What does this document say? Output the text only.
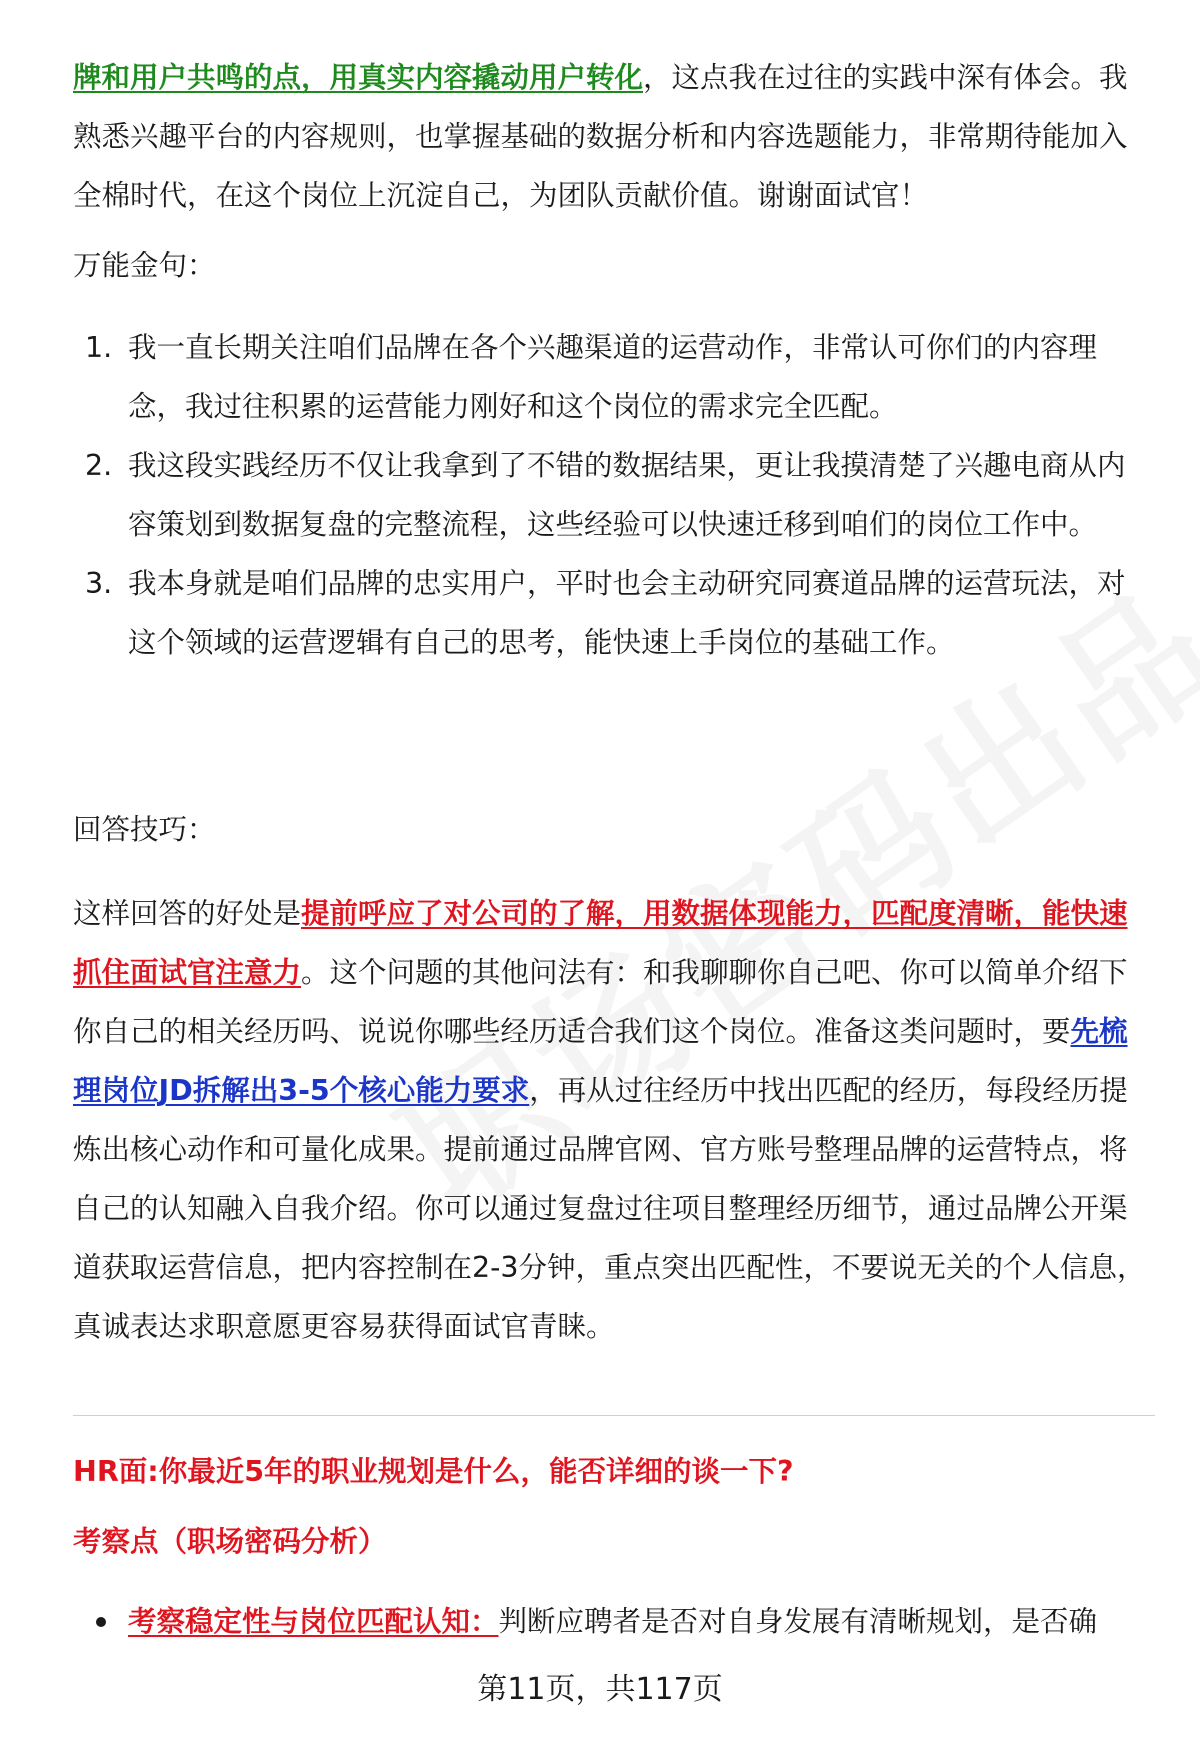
牌和用户共鸣的点，用真实内容撬动用户转化，这点我在过往的实践中深有体会。我熟悉兴趣平台的内容规则，也掌握基础的数据分析和内容选题能力，非常期待能加入全棉时代，在这个岗位上沉淀自己，为团队贡献价值。谢谢面试官！

万能金句：

1. 我一直长期关注咱们品牌在各个兴趣渠道的运营动作，非常认可你们的内容理念，我过往积累的运营能力刚好和这个岗位的需求完全匹配。
2. 我这段实践经历不仅让我拿到了不错的数据结果，更让我摸清楚了兴趣电商从内容策划到数据复盘的完整流程，这些经验可以快速迁移到咱们的岗位工作中。
3. 我本身就是咱们品牌的忠实用户，平时也会主动研究同赛道品牌的运营玩法，对这个领域的运营逻辑有自己的思考，能快速上手岗位的基础工作。

回答技巧：

这样回答的好处是提前呼应了对公司的了解，用数据体现能力，匹配度清晰，能快速抓住面试官注意力。这个问题的其他问法有：和我聊聊你自己吧、你可以简单介绍下你自己的相关经历吗、说说你哪些经历适合我们这个岗位。准备这类问题时，要先梳理岗位JD拆解出3-5个核心能力要求，再从过往经历中找出匹配的经历，每段经历提炼出核心动作和可量化成果。提前通过品牌官网、官方账号整理品牌的运营特点，将自己的认知融入自我介绍。你可以通过复盘过往项目整理经历细节，通过品牌公开渠道获取运营信息，把内容控制在2-3分钟，重点突出匹配性，不要说无关的个人信息，真诚表达求职意愿更容易获得面试官青睐。

HR面:你最近5年的职业规划是什么，能否详细的谈一下?

考察点（职场密码分析）

考察稳定性与岗位匹配认知：判断应聘者是否对自身发展有清晰规划，是否确

第11页，共117页
